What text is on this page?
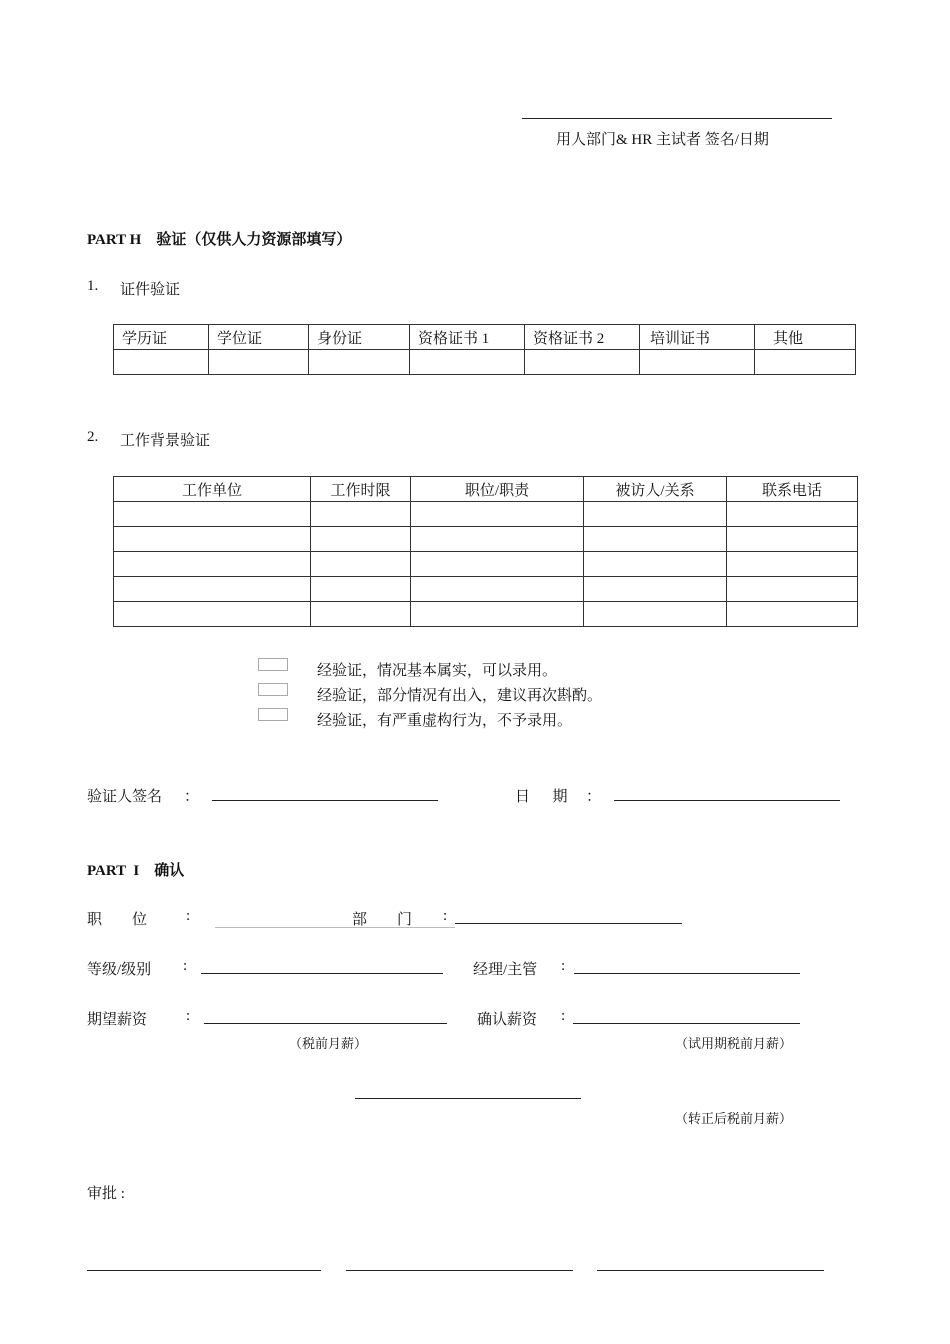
用人部门& HR 主试者 签名/日期
PART H    验证（仅供人力资源部填写）
1. 证件验证
学历证	学位证	身份证	资格证书 1	资格证书 2	培训证书	其他

2. 工作背景验证
工作单位	工作时限	职位/职责	被访人/关系	联系电话

经验证，情况基本属实，可以录用。
经验证，部分情况有出入，建议再次斟酌。
经验证，有严重虚构行为，不予录用。
验证人签名 ：	日      期 ：
PART  I    确认
职        位	:	部        门 :
等级/级别 :	经理/主管 :
期望薪资	:	确认薪资 :
（税前月薪）	（试用期税前月薪）
（转正后税前月薪）
审批 :
